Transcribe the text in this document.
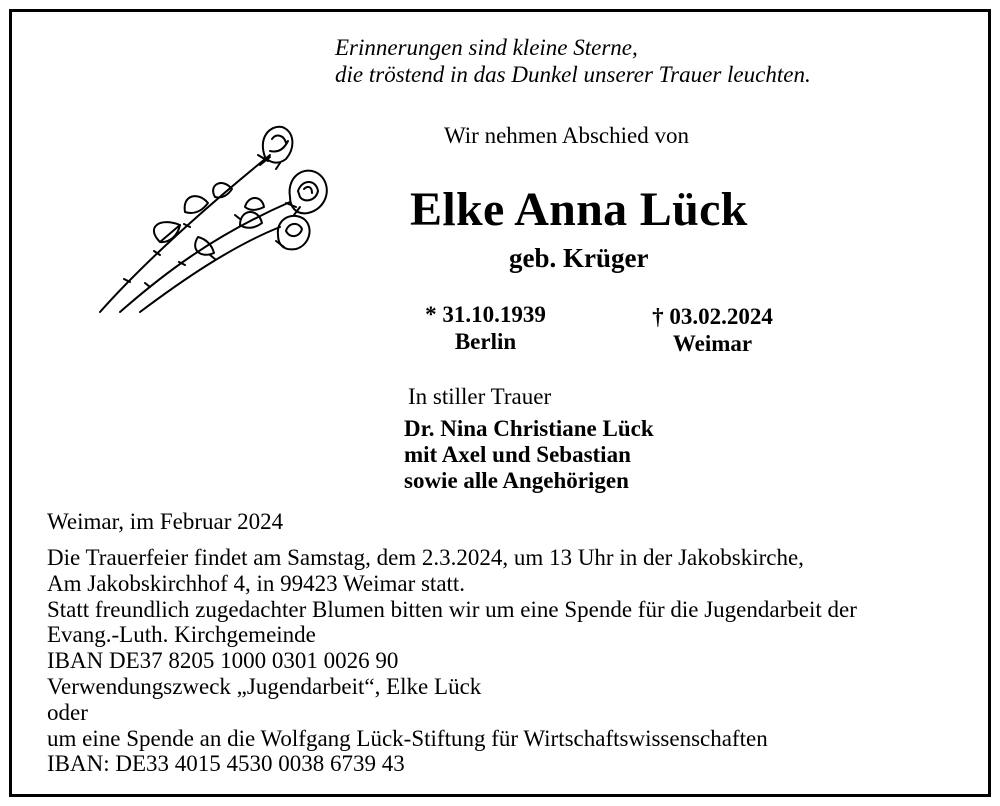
Erinnerungen sind kleine Sterne,
die tröstend in das Dunkel unserer Trauer leuchten.
Wir nehmen Abschied von
Elke Anna Lück
geb. Krüger
* 31.10.1939
Berlin
† 03.02.2024
Weimar
In stiller Trauer
Dr. Nina Christiane Lück
mit Axel und Sebastian
sowie alle Angehörigen
Weimar, im Februar 2024
Die Trauerfeier findet am Samstag, dem 2.3.2024, um 13 Uhr in der Jakobskirche,
Am Jakobskirchhof 4, in 99423 Weimar statt.
Statt freundlich zugedachter Blumen bitten wir um eine Spende für die Jugendarbeit der
Evang.-Luth. Kirchgemeinde
IBAN DE37 8205 1000 0301 0026 90
Verwendungszweck „Jugendarbeit“, Elke Lück
oder
um eine Spende an die Wolfgang Lück-Stiftung für Wirtschaftswissenschaften
IBAN: DE33 4015 4530 0038 6739 43
